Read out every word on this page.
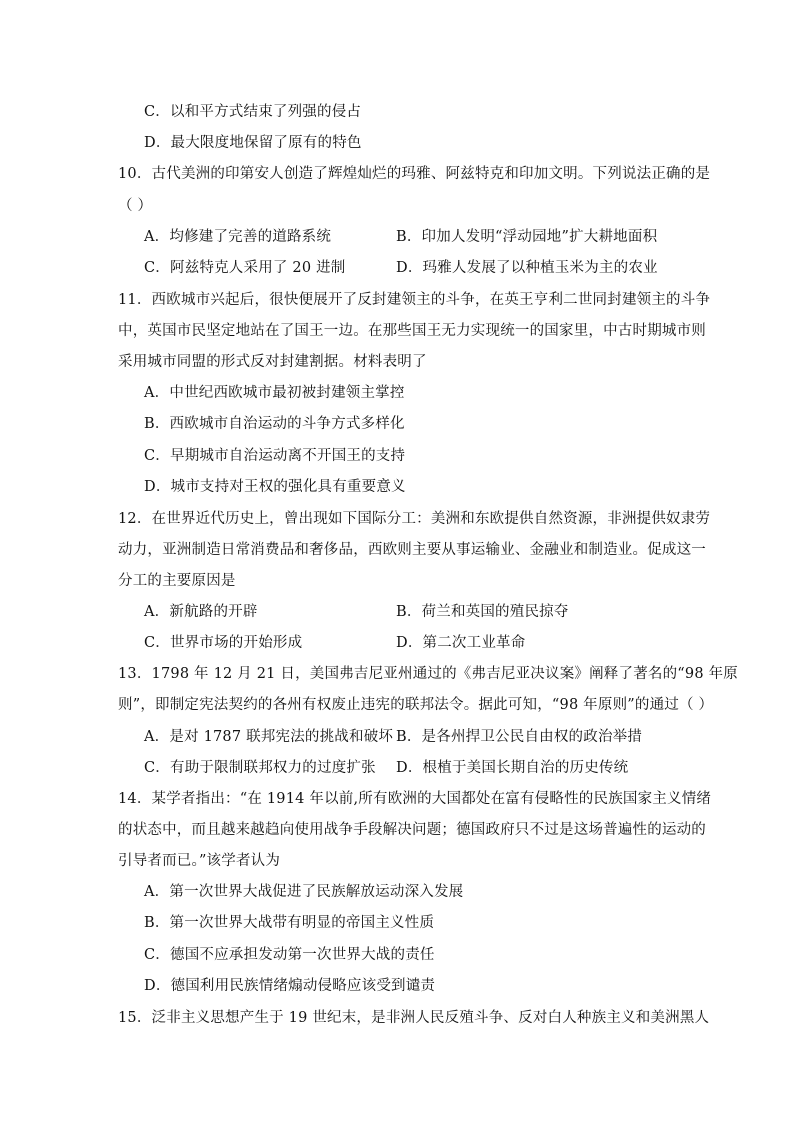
C．以和平方式结束了列强的侵占
D．最大限度地保留了原有的特色
10．古代美洲的印第安人创造了辉煌灿烂的玛雅、阿兹特克和印加文明。下列说法正确的是
（ ）
A．均修建了完善的道路系统	B．印加人发明“浮动园地”扩大耕地面积
C．阿兹特克人采用了 20 进制	D．玛雅人发展了以种植玉米为主的农业
11．西欧城市兴起后，很快便展开了反封建领主的斗争，在英王亨利二世同封建领主的斗争
中，英国市民坚定地站在了国王一边。在那些国王无力实现统一的国家里，中古时期城市则
采用城市同盟的形式反对封建割据。材料表明了
A．中世纪西欧城市最初被封建领主掌控
B．西欧城市自治运动的斗争方式多样化
C．早期城市自治运动离不开国王的支持
D．城市支持对王权的强化具有重要意义
12．在世界近代历史上，曾出现如下国际分工：美洲和东欧提供自然资源，非洲提供奴隶劳
动力，亚洲制造日常消费品和奢侈品，西欧则主要从事运输业、金融业和制造业。促成这一
分工的主要原因是
A．新航路的开辟	B．荷兰和英国的殖民掠夺
C．世界市场的开始形成	D．第二次工业革命
13．1798 年 12 月 21 日，美国弗吉尼亚州通过的《弗吉尼亚决议案》阐释了著名的“98 年原
则”，即制定宪法契约的各州有权废止违宪的联邦法令。据此可知，“98 年原则”的通过（ ）
A．是对 1787 联邦宪法的挑战和破坏 B．是各州捍卫公民自由权的政治举措
C．有助于限制联邦权力的过度扩张 D．根植于美国长期自治的历史传统
14．某学者指出：“在 1914 年以前,所有欧洲的大国都处在富有侵略性的民族国家主义情绪
的状态中，而且越来越趋向使用战争手段解决问题；德国政府只不过是这场普遍性的运动的
引导者而已。”该学者认为
A．第一次世界大战促进了民族解放运动深入发展
B．第一次世界大战带有明显的帝国主义性质
C．德国不应承担发动第一次世界大战的责任
D．德国利用民族情绪煽动侵略应该受到谴责
15．泛非主义思想产生于 19 世纪末，是非洲人民反殖斗争、反对白人种族主义和美洲黑人
